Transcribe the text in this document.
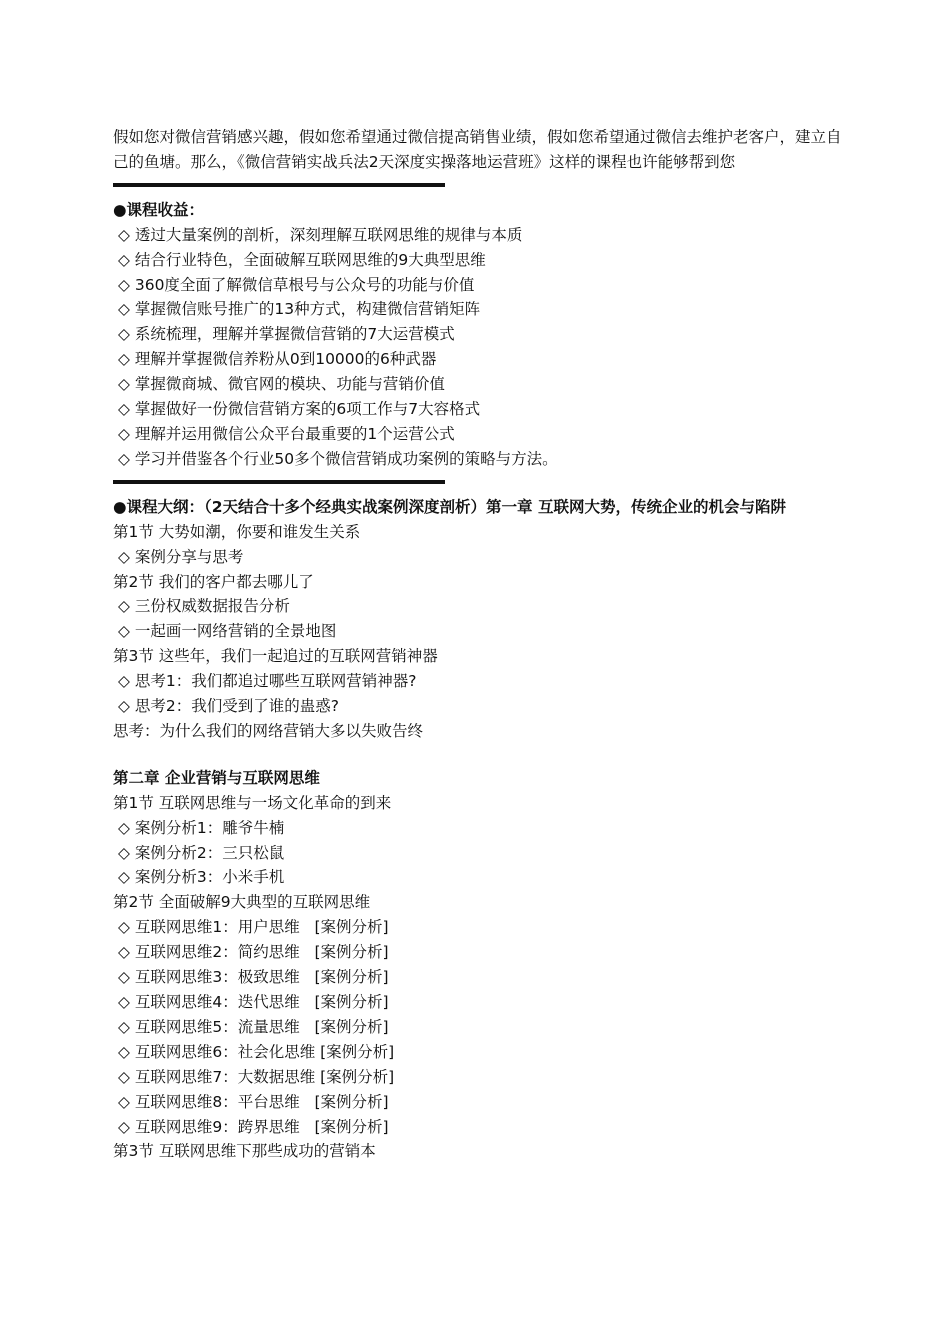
假如您对微信营销感兴趣，假如您希望通过微信提高销售业绩，假如您希望通过微信去维护老客户，建立自己的鱼塘。那么，《微信营销实战兵法2天深度实操落地运营班》这样的课程也许能够帮到您

●课程收益：
◇ 透过大量案例的剖析，深刻理解互联网思维的规律与本质
◇ 结合行业特色，全面破解互联网思维的9大典型思维
◇ 360度全面了解微信草根号与公众号的功能与价值
◇ 掌握微信账号推广的13种方式，构建微信营销矩阵
◇ 系统梳理，理解并掌握微信营销的7大运营模式
◇ 理解并掌握微信养粉从0到10000的6种武器
◇ 掌握微商城、微官网的模块、功能与营销价值
◇ 掌握做好一份微信营销方案的6项工作与7大容格式
◇ 理解并运用微信公众平台最重要的1个运营公式
◇ 学习并借鉴各个行业50多个微信营销成功案例的策略与方法。
●课程大纲：（2天结合十多个经典实战案例深度剖析）第一章 互联网大势，传统企业的机会与陷阱
第1节 大势如潮，你要和谁发生关系
◇ 案例分享与思考
第2节 我们的客户都去哪儿了
◇ 三份权威数据报告分析
◇ 一起画一网络营销的全景地图
第3节 这些年，我们一起追过的互联网营销神器
◇ 思考1：我们都追过哪些互联网营销神器?
◇ 思考2：我们受到了谁的蛊惑?
思考：为什么我们的网络营销大多以失败告终
第二章 企业营销与互联网思维
第1节 互联网思维与一场文化革命的到来
◇ 案例分析1：雕爷牛楠
◇ 案例分析2：三只松鼠
◇ 案例分析3：小米手机
第2节 全面破解9大典型的互联网思维
◇ 互联网思维1：用户思维   [案例分析]
◇ 互联网思维2：简约思维   [案例分析]
◇ 互联网思维3：极致思维   [案例分析]
◇ 互联网思维4：迭代思维   [案例分析]
◇ 互联网思维5：流量思维   [案例分析]
◇ 互联网思维6：社会化思维 [案例分析]
◇ 互联网思维7：大数据思维 [案例分析]
◇ 互联网思维8：平台思维   [案例分析]
◇ 互联网思维9：跨界思维   [案例分析]
第3节 互联网思维下那些成功的营销本
